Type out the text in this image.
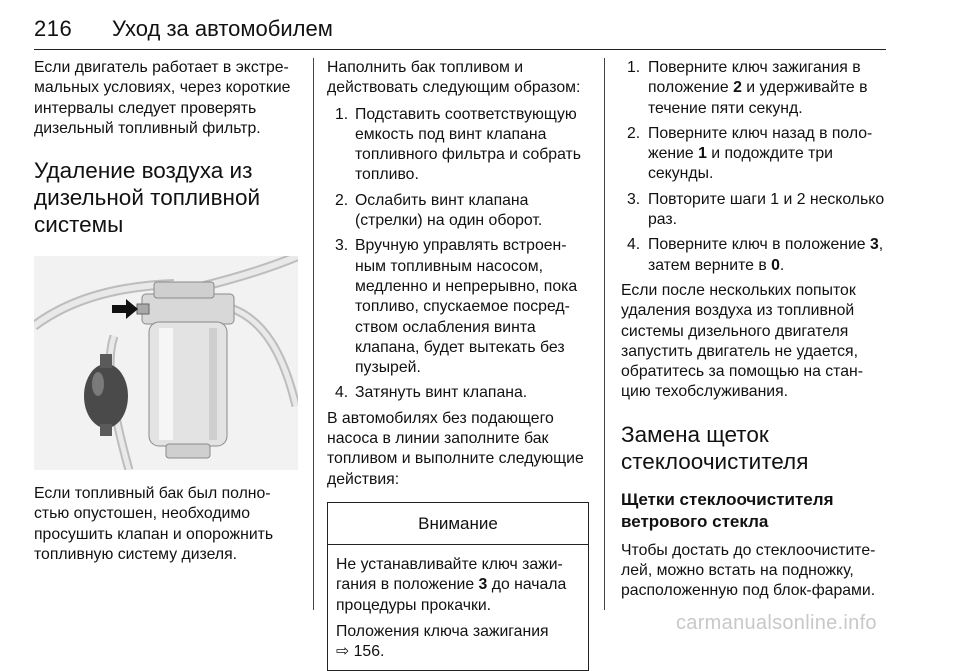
216 Уход за автомобилем

Если двигатель работает в экстре- мальных условиях, через короткие интервалы следует проверять дизельный топливный фильтр.

Удаление воздуха из дизельной топливной системы

Если топливный бак был полно- стью опустошен, необходимо просушить клапан и опорожнить топливную систему дизеля.

Наполнить бак топливом и действовать следующим образом:

1. Подставить соответствующую емкость под винт клапана топливного фильтра и собрать топливо.
2. Ослабить винт клапана (стрелки) на один оборот.
3. Вручную управлять встроен- ным топливным насосом, медленно и непрерывно, пока топливо, спускаемое посред- ством ослабления винта клапана, будет вытекать без пузырей.
4. Затянуть винт клапана.

В автомобилях без подающего насоса в линии заполните бак топливом и выполните следующие действия:

Внимание

Не устанавливайте ключ зажи- гания в положение 3 до начала процедуры прокачки.

Положения ключа зажигания
⇨ 156.

1. Поверните ключ зажигания в положение 2 и удерживайте в течение пяти секунд.
2. Поверните ключ назад в поло- жение 1 и подождите три секунды.
3. Повторите шаги 1 и 2 несколько раз.
4. Поверните ключ в положение 3, затем верните в 0.

Если после нескольких попыток удаления воздуха из топливной системы дизельного двигателя запустить двигатель не удается, обратитесь за помощью на стан- цию техобслуживания.

Замена щеток стеклоочистителя
Щетки стеклоочистителя ветрового стекла

Чтобы достать до стеклоочистите- лей, можно встать на подножку, расположенную под блок-фарами.

carmanualsonline.info
